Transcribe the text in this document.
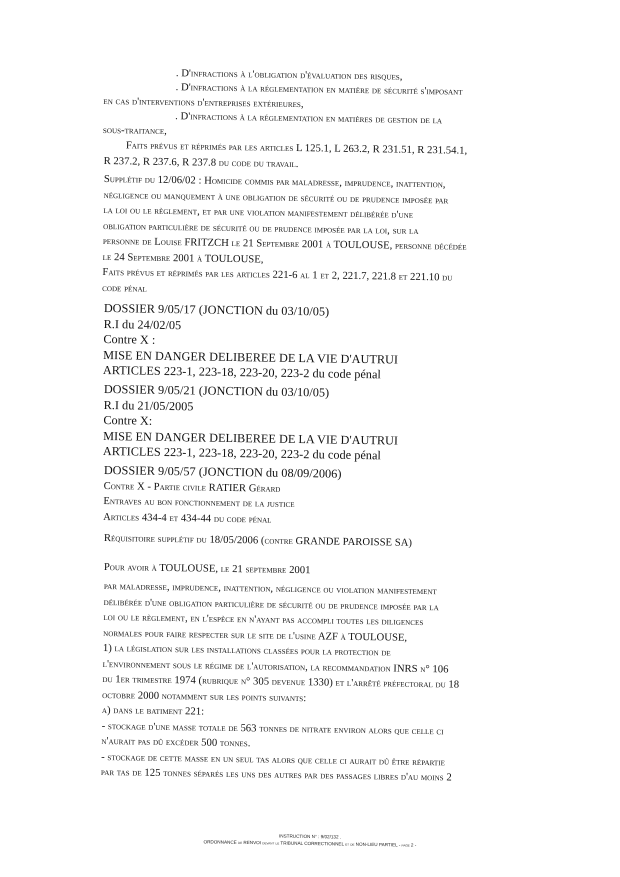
. D'infractions à l'obligation d'évaluation des risques,
. D'infractions à la réglementation en matière de sécurité s'imposant
en cas d'interventions d'entreprises extérieures,
. D'infractions à la réglementation en matières de gestion de la
sous-traitance,
Faits prévus et réprimés par les articles L 125.1, L 263.2, R 231.51, R 231.54.1,
R 237.2, R 237.6, R 237.8 du code du travail.
Supplétif du 12/06/02 : Homicide commis par maladresse, imprudence, inattention,
négligence ou manquement à une obligation de sécurité ou de prudence imposée par
la loi ou le règlement, et par une violation manifestement délibérée d'une
obligation particulière de sécurité ou de prudence imposée par la loi, sur la
personne de Louise FRITZCH le 21 Septembre 2001 à TOULOUSE, personne décédée
le 24 Septembre 2001 à TOULOUSE,
Faits prévus et réprimés par les articles 221-6 al 1 et 2, 221.7, 221.8 et 221.10 du
code pénal
DOSSIER 9/05/17 (JONCTION du 03/10/05)
R.I du 24/02/05
Contre X :
MISE EN DANGER DELIBEREE DE LA VIE D'AUTRUI
ARTICLES 223-1, 223-18, 223-20, 223-2 du code pénal
DOSSIER 9/05/21 (JONCTION du 03/10/05)
R.I du 21/05/2005
Contre X:
MISE EN DANGER DELIBEREE DE LA VIE D'AUTRUI
ARTICLES 223-1, 223-18, 223-20, 223-2 du code pénal
DOSSIER 9/05/57 (JONCTION du 08/09/2006)
Contre X - Partie civile RATIER Gérard
Entraves au bon fonctionnement de la justice
Articles 434-4 et 434-44 du code pénal
Réquisitoire supplétif du 18/05/2006 (contre GRANDE PAROISSE SA)
Pour avoir à TOULOUSE, le 21 septembre 2001
par maladresse, imprudence, inattention, négligence ou violation manifestement
délibérée d'une obligation particulière de sécurité ou de prudence imposée par la
loi ou le règlement, en l'espèce en n'ayant pas accompli toutes les diligences
normales pour faire respecter sur le site de l'usine AZF à TOULOUSE,
1) la législation sur les installations classées pour la protection de
l'environnement sous le régime de l'autorisation, la recommandation INRS n° 106
du 1er trimestre 1974 (rubrique n° 305 devenue 1330) et l'arrêté préfectoral du 18
octobre 2000 notamment sur les points suivants:
a) dans le batiment 221:
- stockage d'une masse totale de 563 tonnes de nitrate environ alors que celle ci
n'aurait pas dû excéder 500 tonnes.
- stockage de cette masse en un seul tas alors que celle ci aurait dû être répartie
par tas de 125 tonnes séparés les uns des autres par des passages libres d'au moins 2
INSTRUCTION N° : 9/02/132 .
ORDONNANCE de RENVOI devant le TRIBUNAL CORRECTIONNEL et de NON-LIEU PARTIEL - page 2 -
